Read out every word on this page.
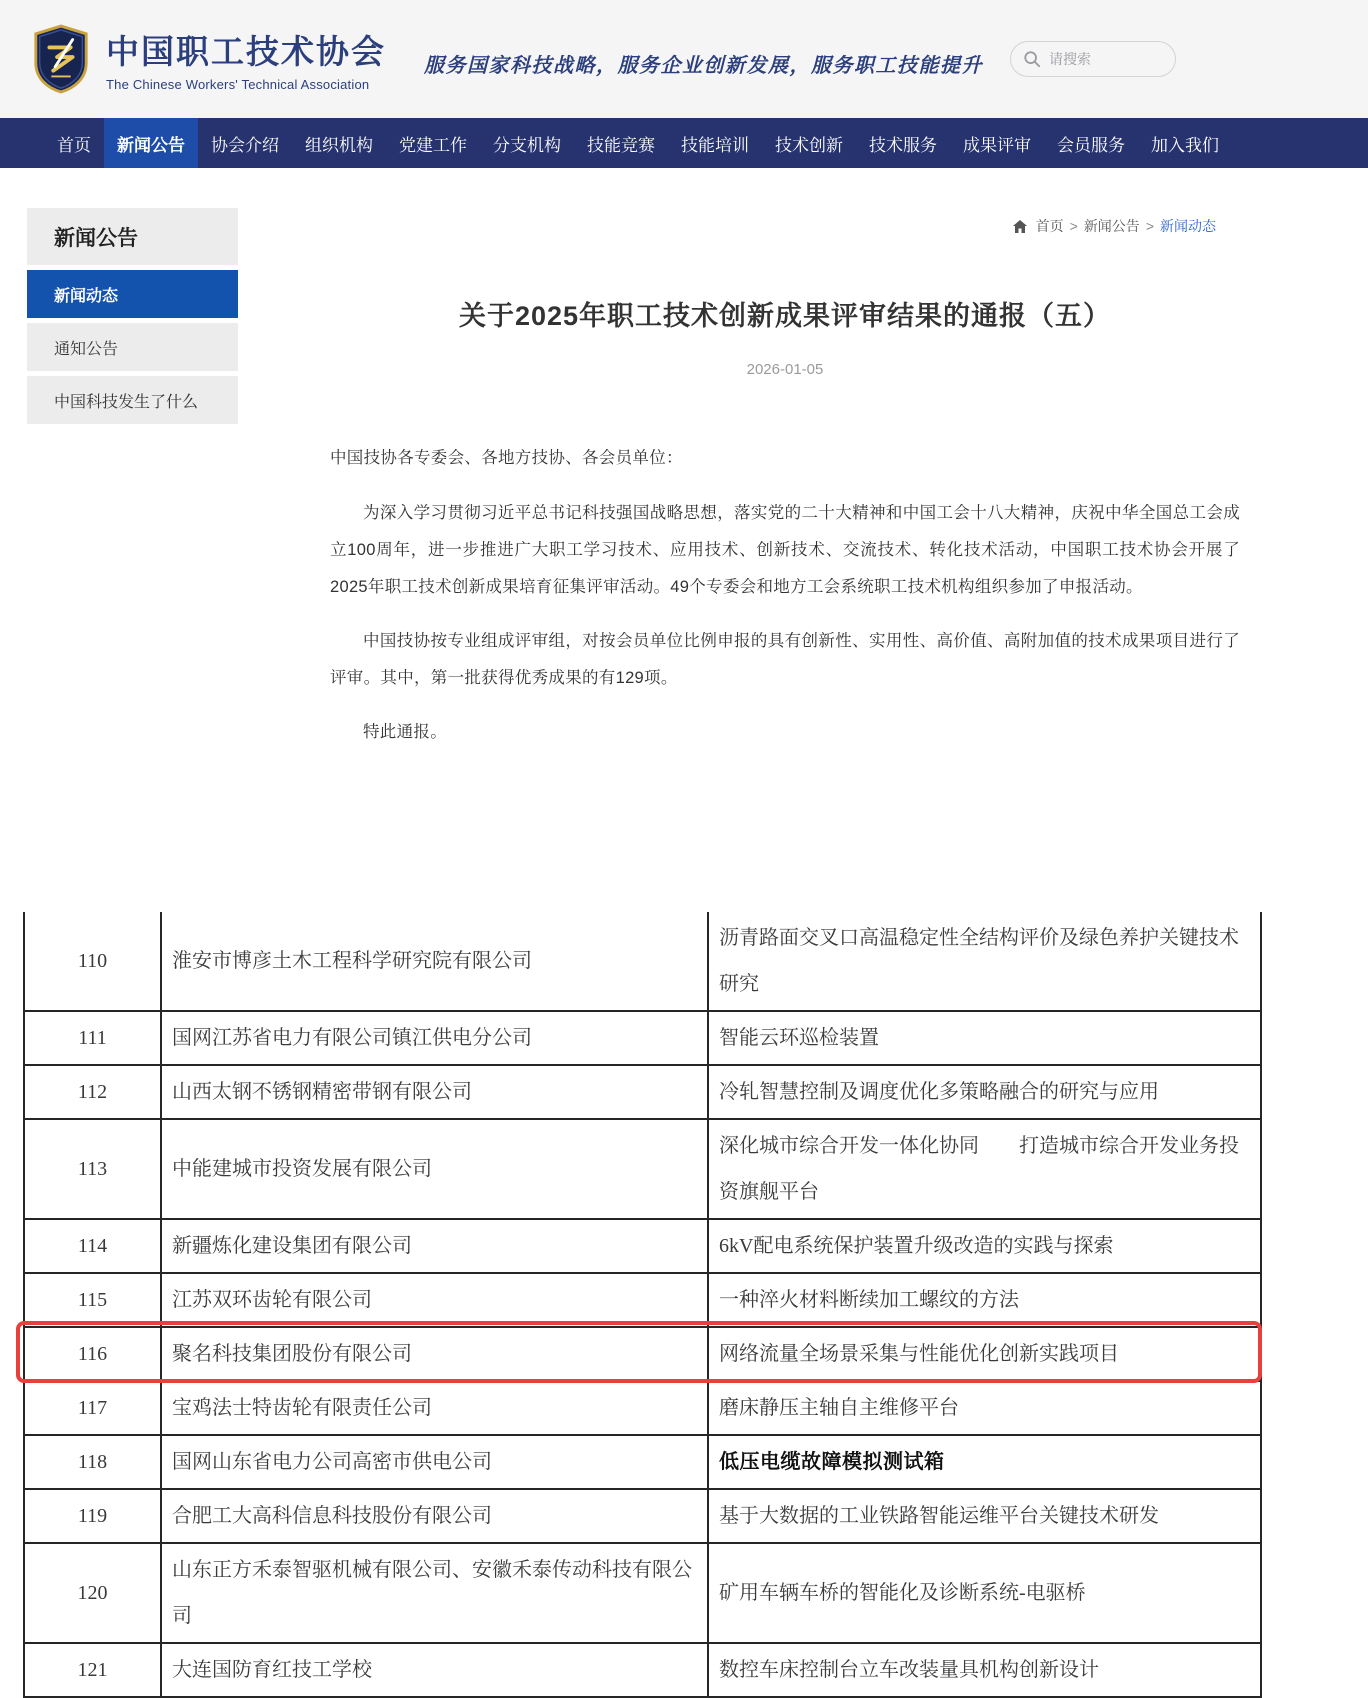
中国职工技术协会
The Chinese Workers' Technical Association
服务国家科技战略，服务企业创新发展，服务职工技能提升
请搜索
首页	新闻公告	协会介绍	组织机构	党建工作	分支机构	技能竞赛	技能培训	技术创新	技术服务	成果评审	会员服务	加入我们
首页 > 新闻公告 > 新闻动态
新闻公告
新闻动态
通知公告
中国科技发生了什么
关于2025年职工技术创新成果评审结果的通报（五）
2026-01-05

中国技协各专委会、各地方技协、各会员单位：

为深入学习贯彻习近平总书记科技强国战略思想，落实党的二十大精神和中国工会十八大精神，庆祝中华全国总工会成立100周年，进一步推进广大职工学习技术、应用技术、创新技术、交流技术、转化技术活动，中国职工技术协会开展了2025年职工技术创新成果培育征集评审活动。49个专委会和地方工会系统职工技术机构组织参加了申报活动。

中国技协按专业组成评审组，对按会员单位比例申报的具有创新性、实用性、高价值、高附加值的技术成果项目进行了评审。其中，第一批获得优秀成果的有129项。

特此通报。

110	淮安市博彦土木工程科学研究院有限公司	沥青路面交叉口高温稳定性全结构评价及绿色养护关键技术研究
111	国网江苏省电力有限公司镇江供电分公司	智能云环巡检装置
112	山西太钢不锈钢精密带钢有限公司	冷轧智慧控制及调度优化多策略融合的研究与应用
113	中能建城市投资发展有限公司	深化城市综合开发一体化协同　　打造城市综合开发业务投资旗舰平台
114	新疆炼化建设集团有限公司	6kV配电系统保护装置升级改造的实践与探索
115	江苏双环齿轮有限公司	一种淬火材料断续加工螺纹的方法
116	聚名科技集团股份有限公司	网络流量全场景采集与性能优化创新实践项目
117	宝鸡法士特齿轮有限责任公司	磨床静压主轴自主维修平台
118	国网山东省电力公司高密市供电公司	低压电缆故障模拟测试箱
119	合肥工大高科信息科技股份有限公司	基于大数据的工业铁路智能运维平台关键技术研发
120	山东正方禾泰智驱机械有限公司、安徽禾泰传动科技有限公司	矿用车辆车桥的智能化及诊断系统-电驱桥
121	大连国防育红技工学校	数控车床控制台立车改装量具机构创新设计
